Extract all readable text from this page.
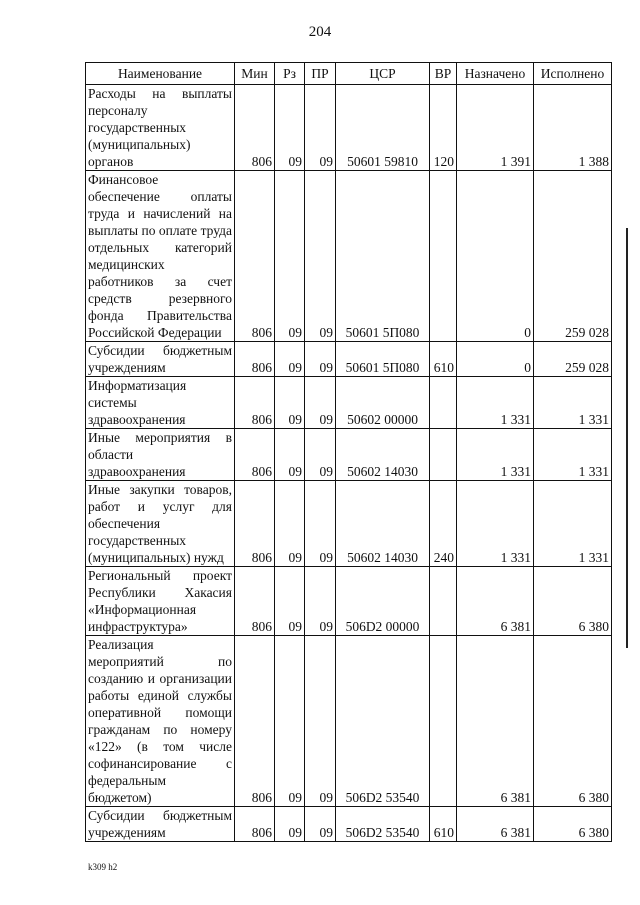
204
Наименование	Мин	Рз	ПР	ЦСР	ВР	Назначено	Исполнено
Расходы на выплаты персоналу государственных (муниципальных) органов	806	09	09	50601 59810	120	1 391	1 388
Финансовое обеспечение оплаты труда и начислений на выплаты по оплате труда отдельных категорий медицинских работников за счет средств резервного фонда Правительства Российской Федерации	806	09	09	50601 5П080		0	259 028
Субсидии бюджетным учреждениям	806	09	09	50601 5П080	610	0	259 028
Информатизация системы здравоохранения	806	09	09	50602 00000		1 331	1 331
Иные мероприятия в области здравоохранения	806	09	09	50602 14030		1 331	1 331
Иные закупки товаров, работ и услуг для обеспечения государственных (муниципальных) нужд	806	09	09	50602 14030	240	1 331	1 331
Региональный проект Республики Хакасия «Информационная инфраструктура»	806	09	09	506D2 00000		6 381	6 380
Реализация мероприятий по созданию и организации работы единой службы оперативной помощи гражданам по номеру «122» (в том числе софинансирование с федеральным бюджетом)	806	09	09	506D2 53540		6 381	6 380
Субсидии бюджетным учреждениям	806	09	09	506D2 53540	610	6 381	6 380
k309 h2
